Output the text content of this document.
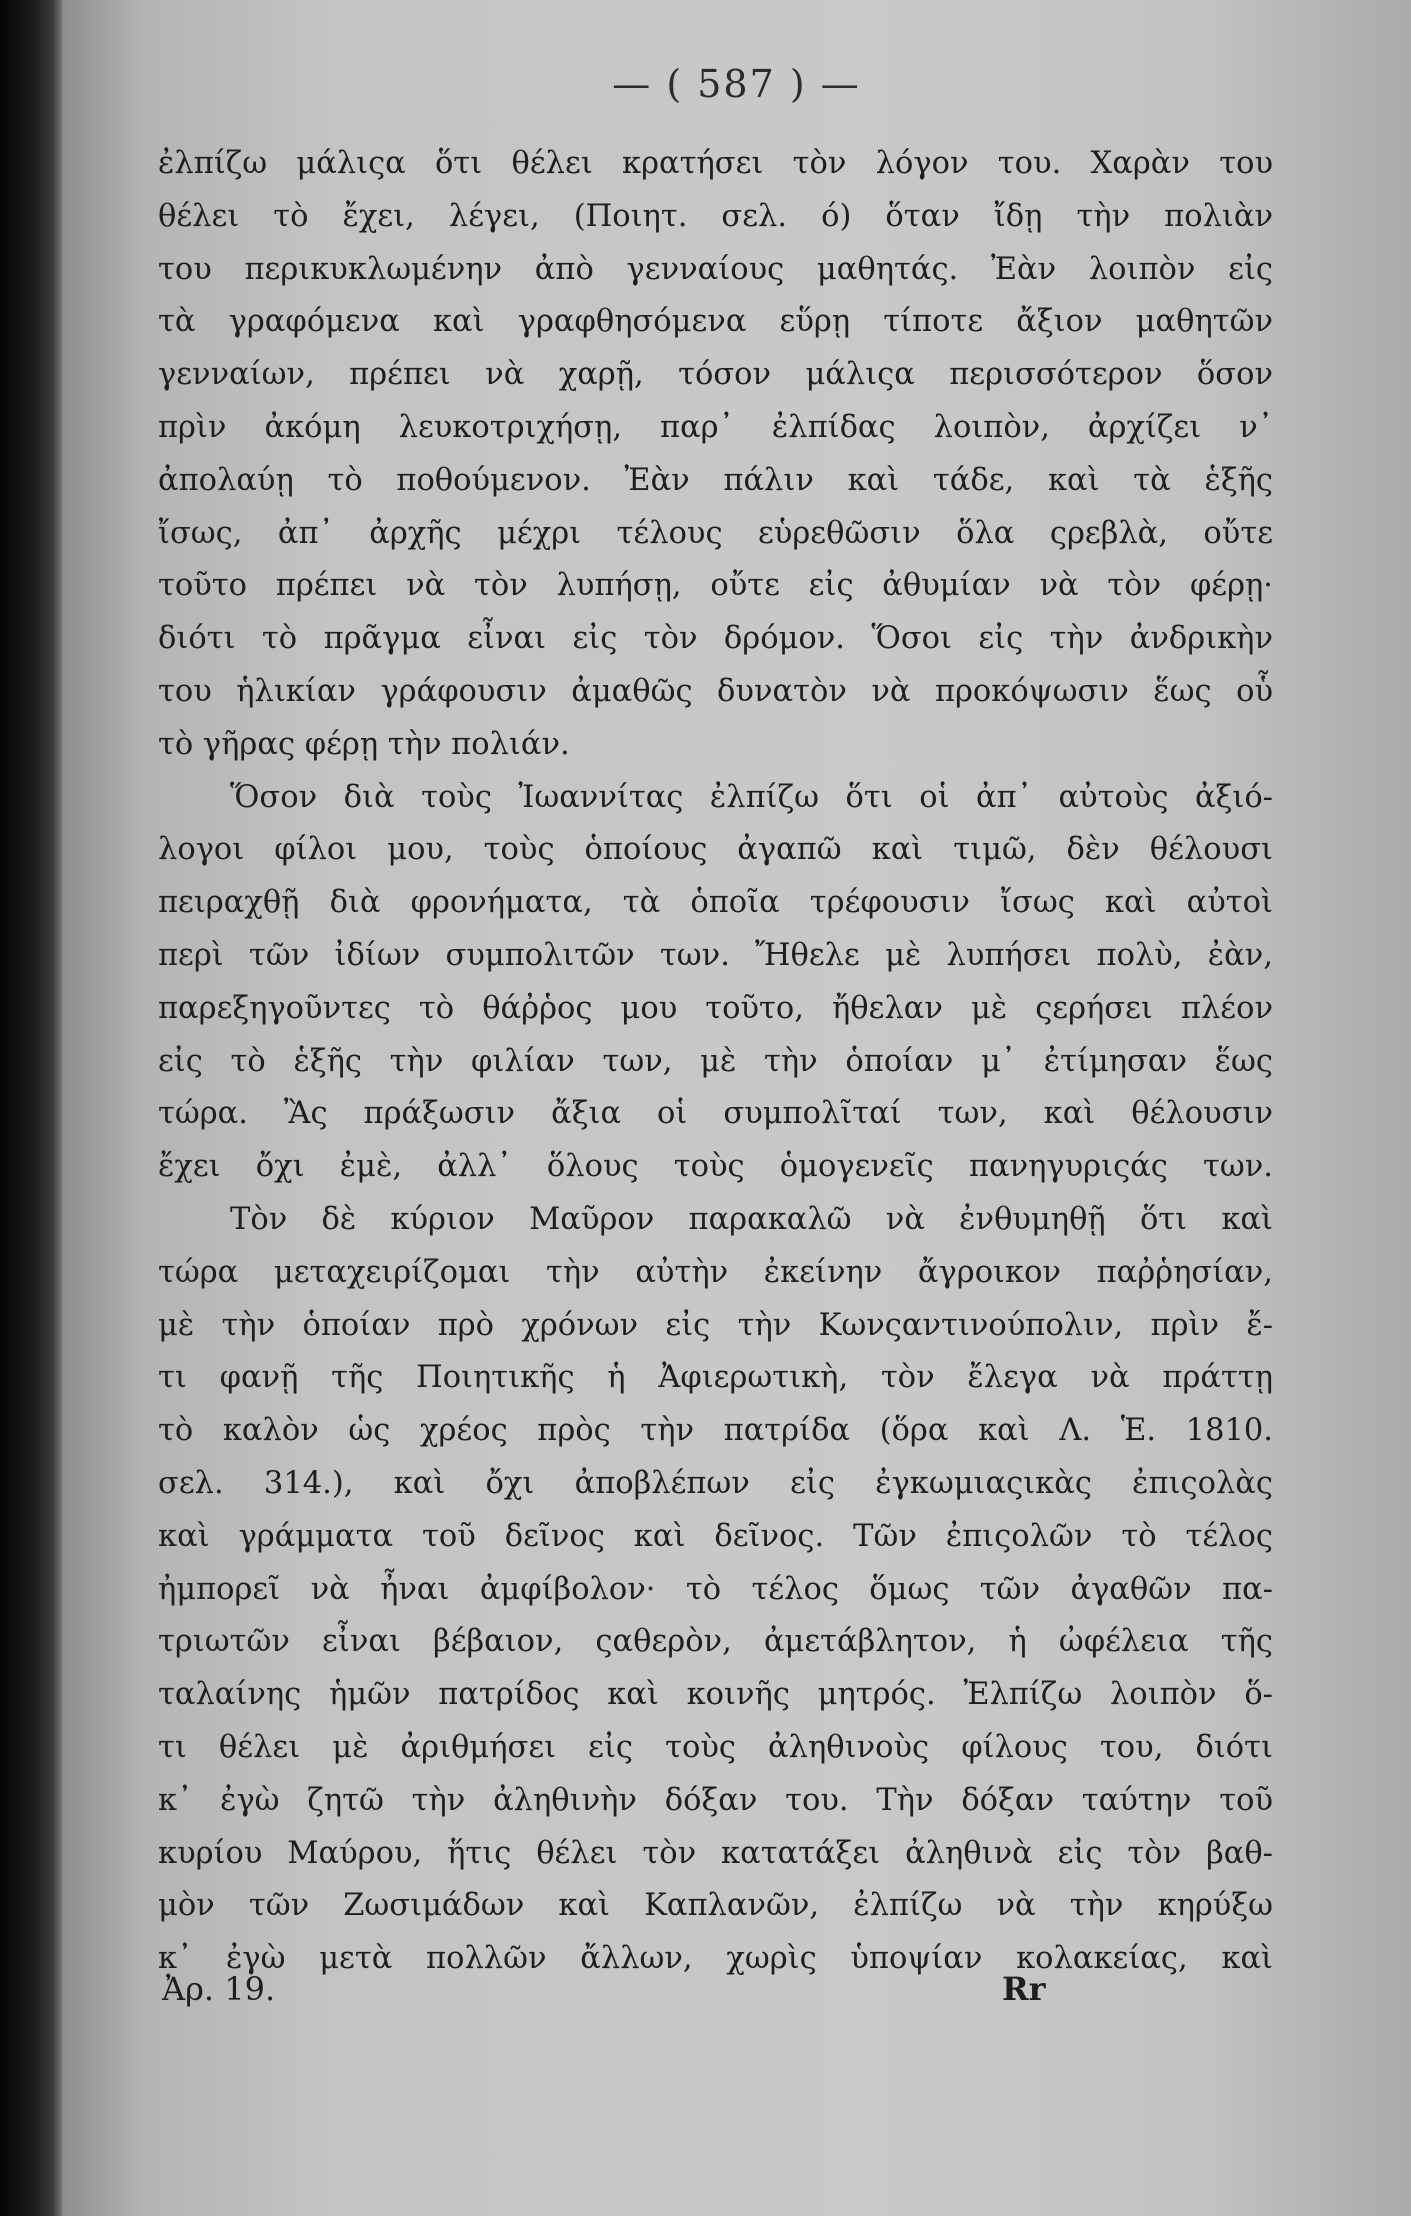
— ( 587 ) —
ἐλπίζω μάλιςα ὅτι θέλει κρατήσει τὸν λόγον του. Χαρὰν του
θέλει τὸ ἔχει, λέγει, (Ποιητ. σελ. ό) ὅταν ἴδῃ τὴν πολιὰν
του περικυκλωμένην ἀπὸ γενναίους μαθητάς. Ἐὰν λοιπὸν εἰς
τὰ γραφόμενα καὶ γραφθησόμενα εὕρῃ τίποτε ἄξιον μαθητῶν
γενναίων, πρέπει νὰ χαρῇ, τόσον μάλιςα περισσότερον ὅσον
πρὶν ἀκόμη λευκοτριχήσῃ, παρ᾽ ἐλπίδας λοιπὸν, ἀρχίζει ν᾽
ἀπολαύῃ τὸ ποθούμενον. Ἐὰν πάλιν καὶ τάδε, καὶ τὰ ἑξῆς
ἴσως, ἀπ᾽ ἀρχῆς μέχρι τέλους εὑρεθῶσιν ὅλα ςρεβλὰ, οὔτε
τοῦτο πρέπει νὰ τὸν λυπήσῃ, οὔτε εἰς ἀθυμίαν νὰ τὸν φέρῃ·
διότι τὸ πρᾶγμα εἶναι εἰς τὸν δρόμον. Ὅσοι εἰς τὴν ἀνδρικὴν
του ἡλικίαν γράφουσιν ἀμαθῶς δυνατὸν νὰ προκόψωσιν ἕως οὗ
τὸ γῆρας φέρῃ τὴν πολιάν.
Ὅσον διὰ τοὺς Ἰωαννίτας ἐλπίζω ὅτι οἱ ἀπ᾽ αὐτοὺς ἀξιό-
λογοι φίλοι μου, τοὺς ὁποίους ἀγαπῶ καὶ τιμῶ, δὲν θέλουσι
πειραχθῇ διὰ φρονήματα, τὰ ὁποῖα τρέφουσιν ἴσως καὶ αὐτοὶ
περὶ τῶν ἰδίων συμπολιτῶν των. Ἤθελε μὲ λυπήσει πολὺ, ἐὰν,
παρεξηγοῦντες τὸ θάῤῥος μου τοῦτο, ἤθελαν μὲ ςερήσει πλέον
εἰς τὸ ἑξῆς τὴν φιλίαν των, μὲ τὴν ὁποίαν μ᾽ ἐτίμησαν ἕως
τώρα. Ἂς πράξωσιν ἄξια οἱ συμπολῖταί των, καὶ θέλουσιν
ἔχει ὄχι ἐμὲ, ἀλλ᾽ ὅλους τοὺς ὁμογενεῖς πανηγυριςάς των.
Τὸν δὲ κύριον Μαῦρον παρακαλῶ νὰ ἐνθυμηθῇ ὅτι καὶ
τώρα μεταχειρίζομαι τὴν αὐτὴν ἐκείνην ἄγροικον παῤῥησίαν,
μὲ τὴν ὁποίαν πρὸ χρόνων εἰς τὴν Κωνςαντινούπολιν, πρὶν ἔ-
τι φανῇ τῆς Ποιητικῆς ἡ Ἀφιερωτικὴ, τὸν ἔλεγα νὰ πράττῃ
τὸ καλὸν ὡς χρέος πρὸς τὴν πατρίδα (ὅρα καὶ Λ. Ἑ. 1810.
σελ. 314.), καὶ ὄχι ἀποβλέπων εἰς ἐγκωμιαςικὰς ἐπιςολὰς
καὶ γράμματα τοῦ δεῖνος καὶ δεῖνος. Τῶν ἐπιςολῶν τὸ τέλος
ἠμπορεῖ νὰ ἦναι ἀμφίβολον· τὸ τέλος ὅμως τῶν ἀγαθῶν πα-
τριωτῶν εἶναι βέβαιον, ςαθερὸν, ἀμετάβλητον, ἡ ὠφέλεια τῆς
ταλαίνης ἡμῶν πατρίδος καὶ κοινῆς μητρός. Ἐλπίζω λοιπὸν ὅ-
τι θέλει μὲ ἀριθμήσει εἰς τοὺς ἀληθινοὺς φίλους του, διότι
κ᾽ ἐγὼ ζητῶ τὴν ἀληθινὴν δόξαν του. Τὴν δόξαν ταύτην τοῦ
κυρίου Μαύρου, ἥτις θέλει τὸν κατατάξει ἀληθινὰ εἰς τὸν βαθ-
μὸν τῶν Ζωσιμάδων καὶ Καπλανῶν, ἐλπίζω νὰ τὴν κηρύξω
κ᾽ ἐγὼ μετὰ πολλῶν ἄλλων, χωρὶς ὑποψίαν κολακείας, καὶ
Ἀρ. 19.	Rr
